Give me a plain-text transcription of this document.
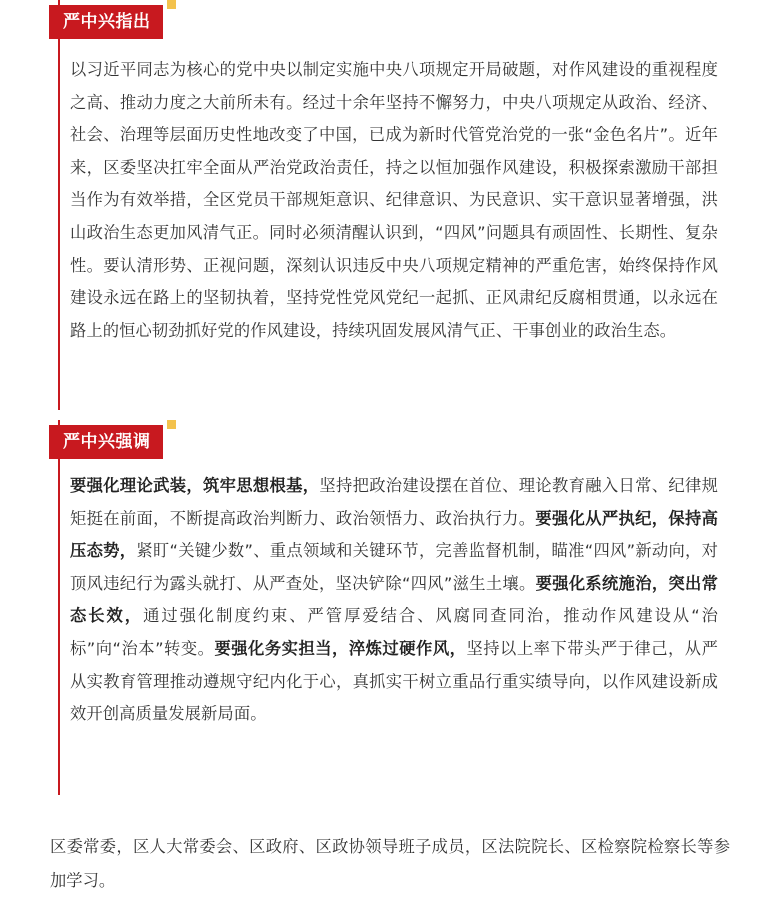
严中兴指出

以习近平同志为核心的党中央以制定实施中央八项规定开局破题，对作风建设的重视程度之高、推动力度之大前所未有。经过十余年坚持不懈努力，中央八项规定从政治、经济、社会、治理等层面历史性地改变了中国，已成为新时代管党治党的一张“金色名片”。近年来，区委坚决扛牢全面从严治党政治责任，持之以恒加强作风建设，积极探索激励干部担当作为有效举措，全区党员干部规矩意识、纪律意识、为民意识、实干意识显著增强，洪山政治生态更加风清气正。同时必须清醒认识到，“四风”问题具有顽固性、长期性、复杂性。要认清形势、正视问题，深刻认识违反中央八项规定精神的严重危害，始终保持作风建设永远在路上的坚韧执着，坚持党性党风党纪一起抓、正风肃纪反腐相贯通，以永远在路上的恒心韧劲抓好党的作风建设，持续巩固发展风清气正、干事创业的政治生态。

严中兴强调

要强化理论武装，筑牢思想根基，坚持把政治建设摆在首位、理论教育融入日常、纪律规矩挺在前面，不断提高政治判断力、政治领悟力、政治执行力。要强化从严执纪，保持高压态势，紧盯“关键少数”、重点领域和关键环节，完善监督机制，瞄准“四风”新动向，对顶风违纪行为露头就打、从严查处，坚决铲除“四风”滋生土壤。要强化系统施治，突出常态长效，通过强化制度约束、严管厚爱结合、风腐同查同治，推动作风建设从“治标”向“治本”转变。要强化务实担当，淬炼过硬作风，坚持以上率下带头严于律己，从严从实教育管理推动遵规守纪内化于心，真抓实干树立重品行重实绩导向，以作风建设新成效开创高质量发展新局面。

区委常委，区人大常委会、区政府、区政协领导班子成员，区法院院长、区检察院检察长等参加学习。
